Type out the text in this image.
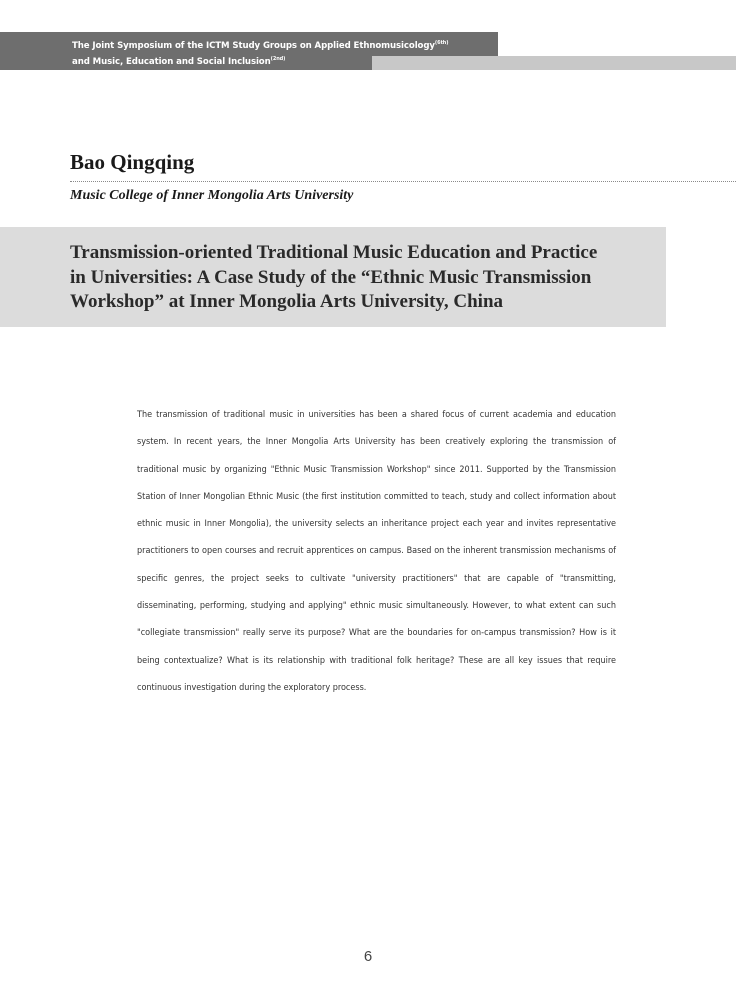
The Joint Symposium of the ICTM Study Groups on Applied Ethnomusicology$^{(6th)}$
and Music, Education and Social Inclusion$^{(2nd)}$
Bao Qingqing
Music College of Inner Mongolia Arts University
Transmission-oriented Traditional Music Education and Practice
in Universities: A Case Study of the “Ethnic Music Transmission
Workshop” at Inner Mongolia Arts University, China
The transmission of traditional music in universities has been a shared focus of current academia and education system. In recent years, the Inner Mongolia Arts University has been creatively exploring the transmission of traditional music by organizing "Ethnic Music Transmission Workshop" since 2011. Supported by the Transmission Station of Inner Mongolian Ethnic Music (the first institution committed to teach, study and collect information about ethnic music in Inner Mongolia), the university selects an inheritance project each year and invites representative practitioners to open courses and recruit apprentices on campus. Based on the inherent transmission mechanisms of specific genres, the project seeks to cultivate "university practitioners" that are capable of "transmitting, disseminating, performing, studying and applying" ethnic music simultaneously. However, to what extent can such "collegiate transmission" really serve its purpose? What are the boundaries for on-campus transmission? How is it being contextualize? What is its relationship with traditional folk heritage? These are all key issues that require continuous investigation during the exploratory process.
6
